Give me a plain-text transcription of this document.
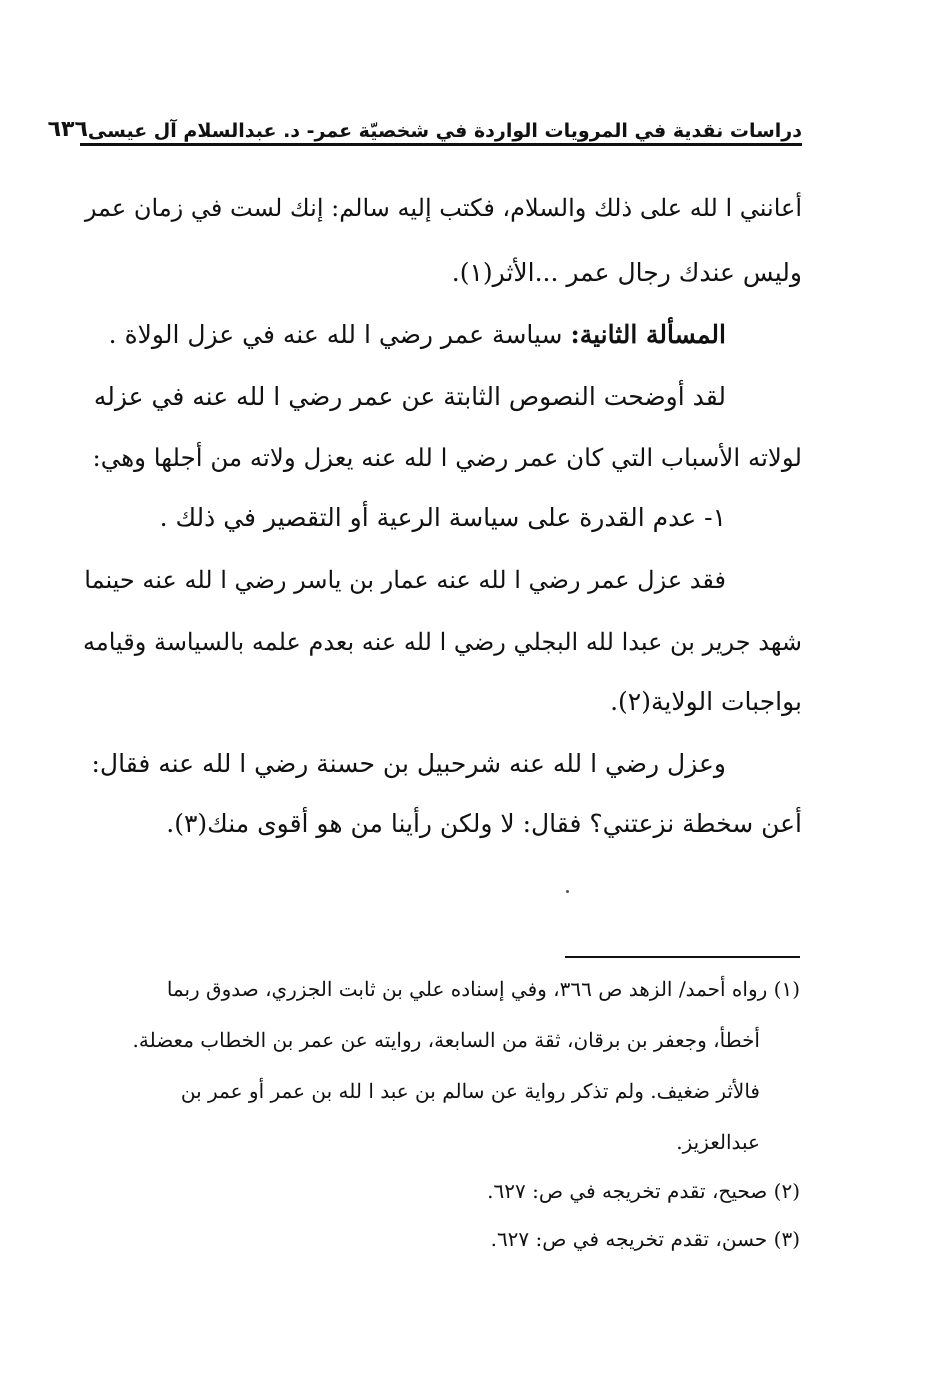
دراسات نقدية في المرويات الواردة في شخصيّة عمر- د. عبدالسلام آل عيسى
٦٣٦
أعانني ا لله على ذلك والسلام، فكتب إليه سالم: إنك لست في زمان عمر
وليس عندك رجال عمر ...الأثر(١).
المسألة الثانية: سياسة عمر رضي ا لله عنه في عزل الولاة .
لقد أوضحت النصوص الثابتة عن عمر رضي ا لله عنه في عزله
لولاته الأسباب التي كان عمر رضي ا لله عنه يعزل ولاته من أجلها وهي:
١- عدم القدرة على سياسة الرعية أو التقصير في ذلك .
فقد عزل عمر رضي ا لله عنه عمار بن ياسر رضي ا لله عنه حينما
شهد جرير بن عبدا لله البجلي رضي ا لله عنه بعدم علمه بالسياسة وقيامه
بواجبات الولاية(٢).
وعزل رضي ا لله عنه شرحبيل بن حسنة رضي ا لله عنه فقال:
أعن سخطة نزعتني؟ فقال: لا ولكن رأينا من هو أقوى منك(٣).
(١) رواه أحمد/ الزهد ص ٣٦٦، وفي إسناده علي بن ثابت الجزري، صدوق ربما
أخطأ، وجعفر بن برقان، ثقة من السابعة، روايته عن عمر بن الخطاب معضلة.
فالأثر ضغيف. ولم تذكر رواية عن سالم بن عبد ا لله بن عمر أو عمر بن
عبدالعزيز.
(٢) صحيح، تقدم تخريجه في ص: ٦٢٧.
(٣) حسن، تقدم تخريجه في ص: ٦٢٧.
